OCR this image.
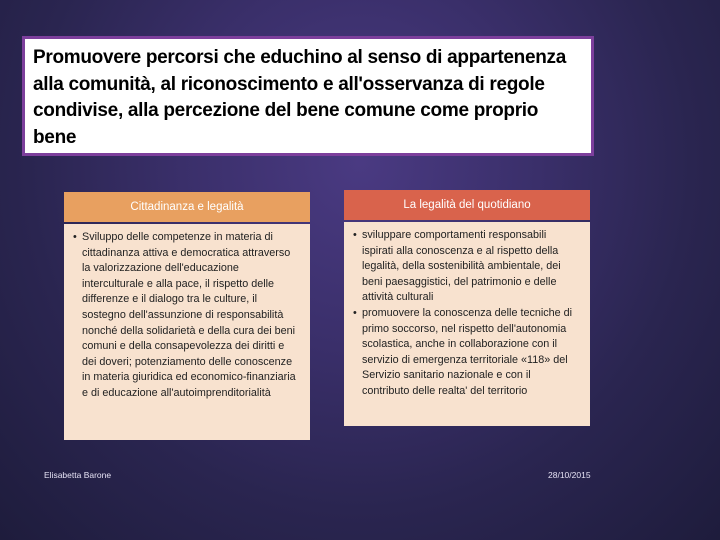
Promuovere percorsi che educhino al senso di appartenenza alla comunità, al riconoscimento e all'osservanza di regole condivise, alla percezione del bene comune come proprio bene
Cittadinanza e legalità

• Sviluppo delle competenze in materia di cittadinanza attiva e democratica attraverso la valorizzazione dell'educazione interculturale e alla pace, il rispetto delle differenze e il dialogo tra le culture, il sostegno dell'assunzione di responsabilità nonché della solidarietà e della cura dei beni comuni e della consapevolezza dei diritti e dei doveri; potenziamento delle conoscenze in materia giuridica ed economico-finanziaria e di educazione all'autoimprenditorialità

La legalità del quotidiano

• sviluppare comportamenti responsabili ispirati alla conoscenza e al rispetto della legalità, della sostenibilità ambientale, dei beni paesaggistici, del patrimonio e delle attività culturali

• promuovere la conoscenza delle tecniche di primo soccorso, nel rispetto dell'autonomia scolastica, anche in collaborazione con il servizio di emergenza territoriale «118» del Servizio sanitario nazionale e con il contributo delle realta' del territorio

Elisabetta Barone	28/10/2015
